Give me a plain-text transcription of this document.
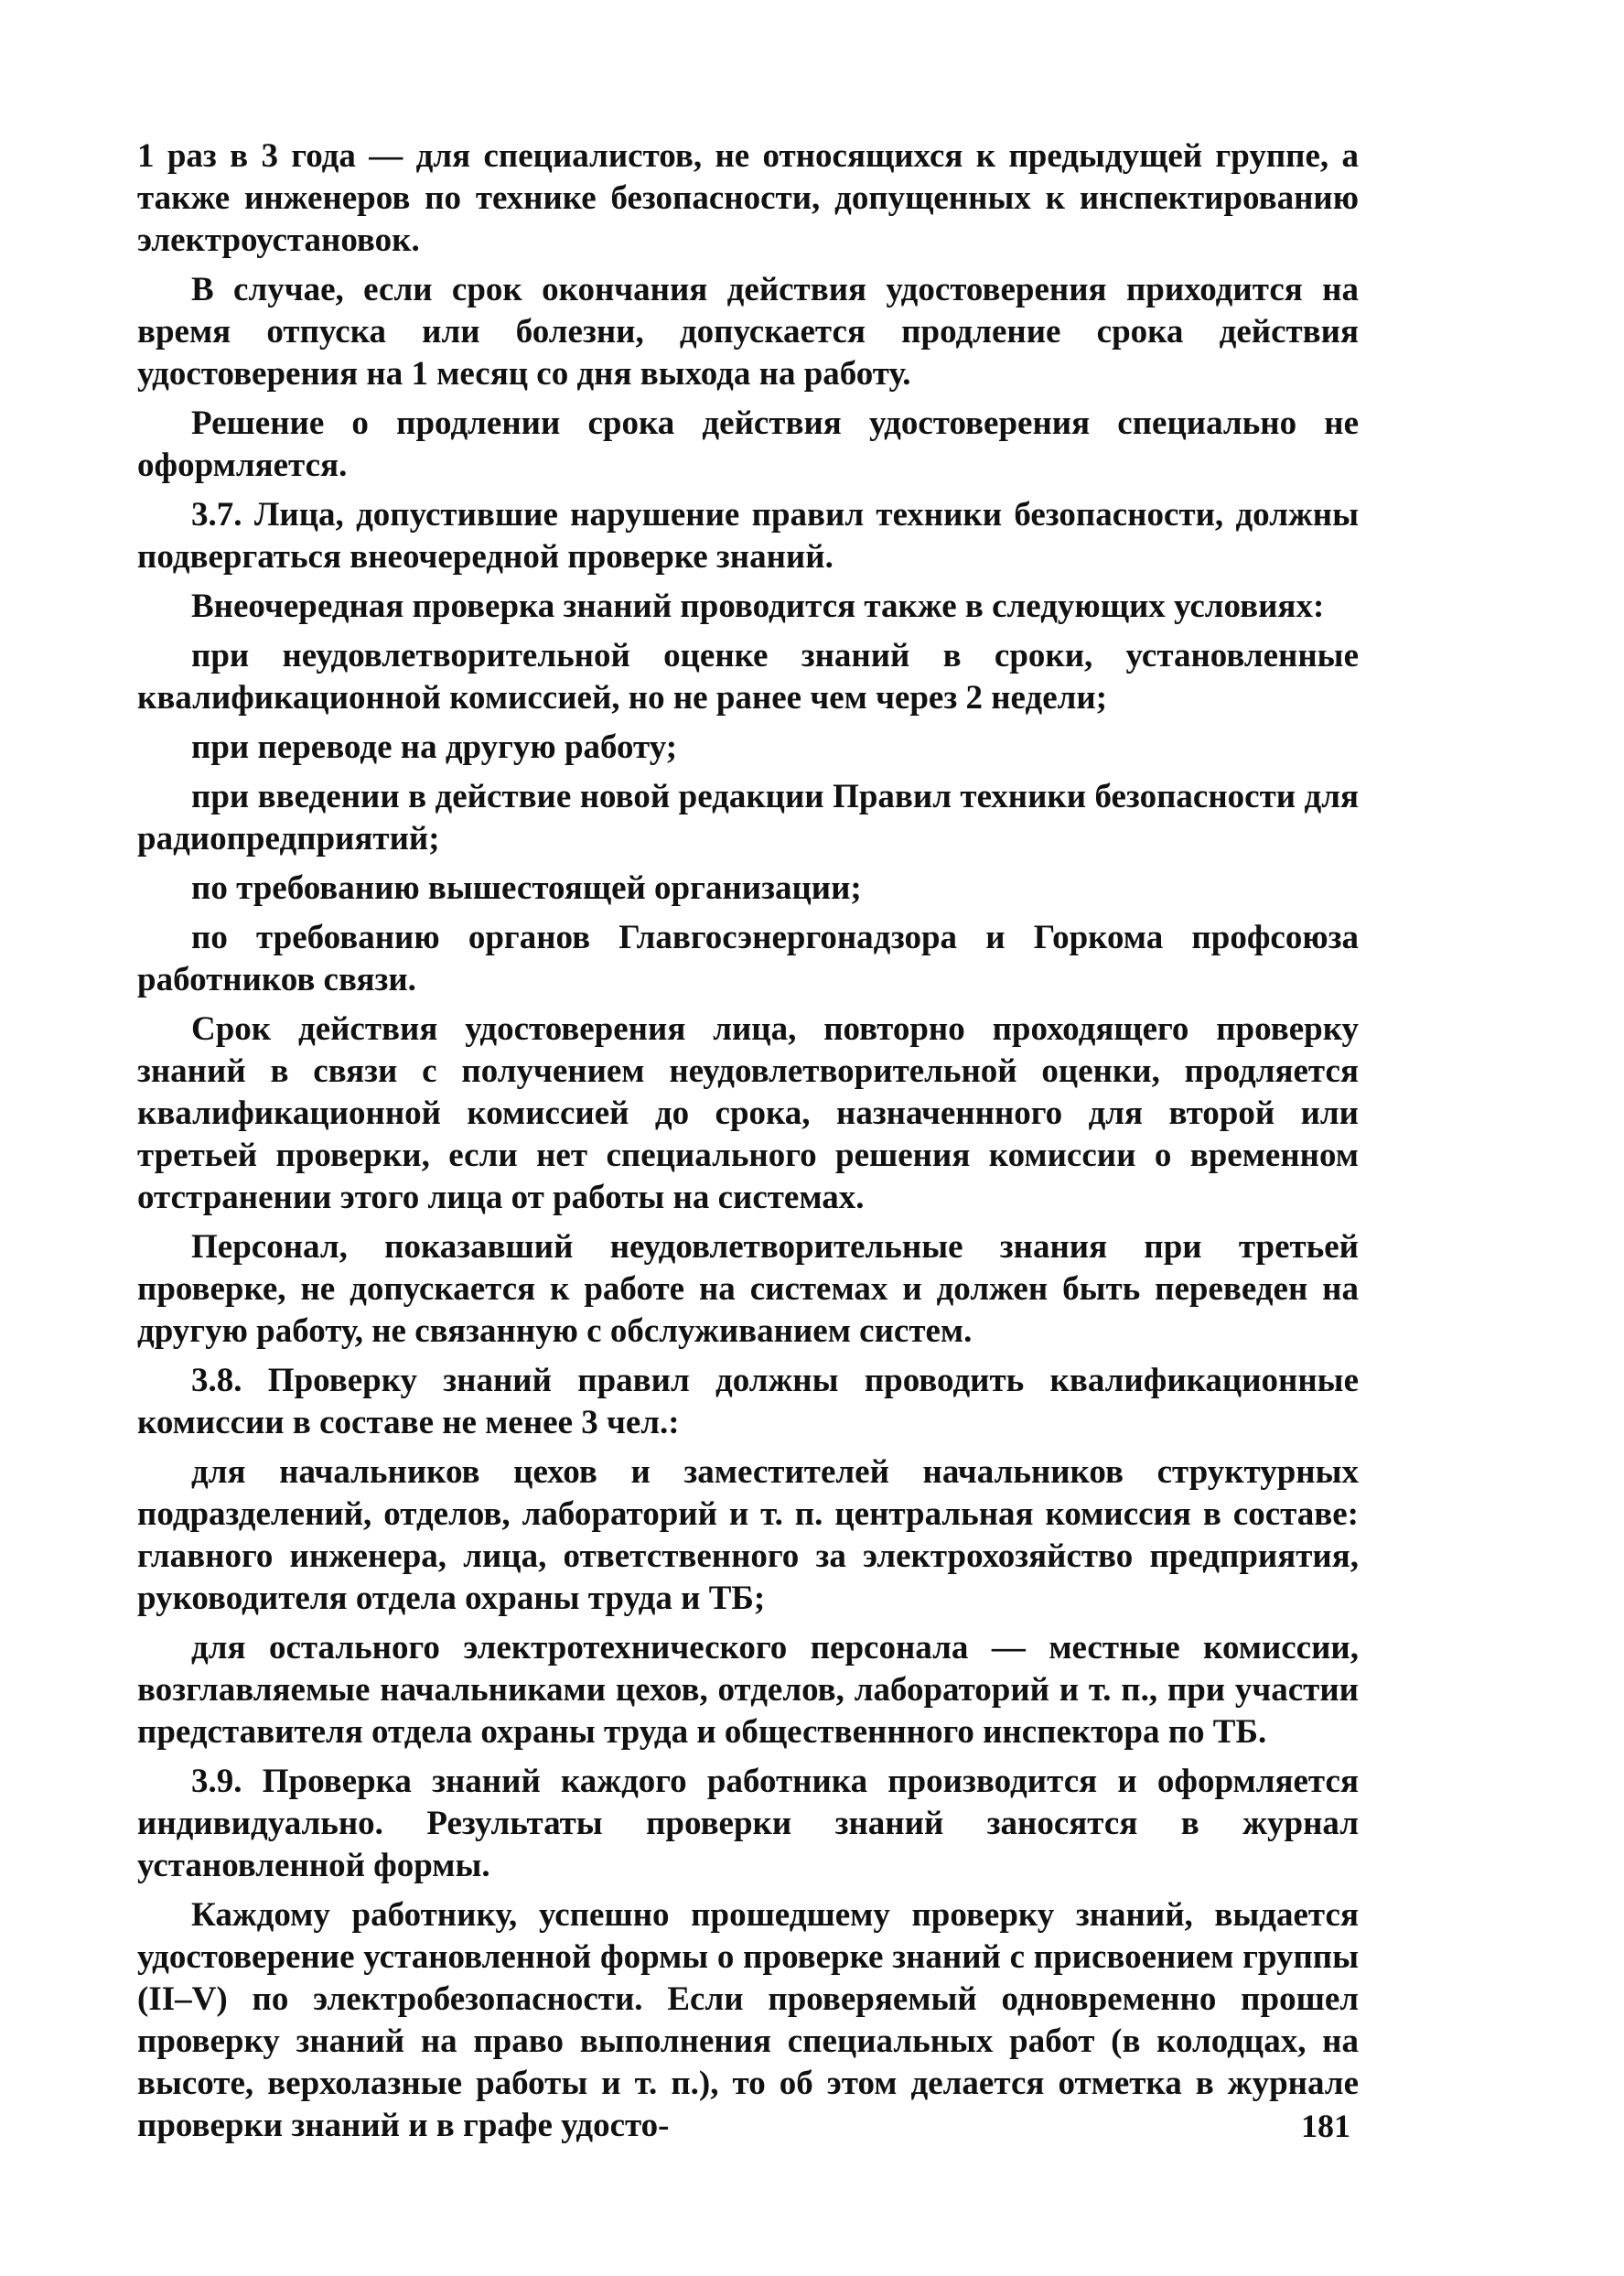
1 раз в 3 года — для специалистов, не относящихся к предыдущей группе, а также инженеров по технике безопасности, допущенных к инспектированию электроустановок.

В случае, если срок окончания действия удостоверения приходится на время отпуска или болезни, допускается продление срока действия удостоверения на 1 месяц со дня выхода на работу.

Решение о продлении срока действия удостоверения специально не оформляется.

3.7. Лица, допустившие нарушение правил техники безопасности, должны подвергаться внеочередной проверке знаний.

Внеочередная проверка знаний проводится также в следующих условиях:

при неудовлетворительной оценке знаний в сроки, установленные квалификационной комиссией, но не ранее чем через 2 недели;

при переводе на другую работу;

при введении в действие новой редакции Правил техники безопасности для радиопредприятий;

по требованию вышестоящей организации;

по требованию органов Главгосэнергонадзора и Горкома профсоюза работников связи.

Срок действия удостоверения лица, повторно проходящего проверку знаний в связи с получением неудовлетворительной оценки, продляется квалификационной комиссией до срока, назначеннного для второй или третьей проверки, если нет специального решения комиссии о временном отстранении этого лица от работы на системах.

Персонал, показавший неудовлетворительные знания при третьей проверке, не допускается к работе на системах и должен быть переведен на другую работу, не связанную с обслуживанием систем.

3.8. Проверку знаний правил должны проводить квалификационные комиссии в составе не менее 3 чел.:

для начальников цехов и заместителей начальников структурных подразделений, отделов, лабораторий и т. п. центральная комиссия в составе: главного инженера, лица, ответственного за электрохозяйство предприятия, руководителя отдела охраны труда и ТБ;

для остального электротехнического персонала — местные комиссии, возглавляемые начальниками цехов, отделов, лабораторий и т. п., при участии представителя отдела охраны труда и общественнного инспектора по ТБ.

3.9. Проверка знаний каждого работника производится и оформляется индивидуально. Результаты проверки знаний заносятся в журнал установленной формы.

Каждому работнику, успешно прошедшему проверку знаний, выдается удостоверение установленной формы о проверке знаний с присвоением группы (II–V) по электробезопасности. Если проверяемый одновременно прошел проверку знаний на право выполнения специальных работ (в колодцах, на высоте, верхолазные работы и т. п.), то об этом делается отметка в журнале проверки знаний и в графе удосто-	181
